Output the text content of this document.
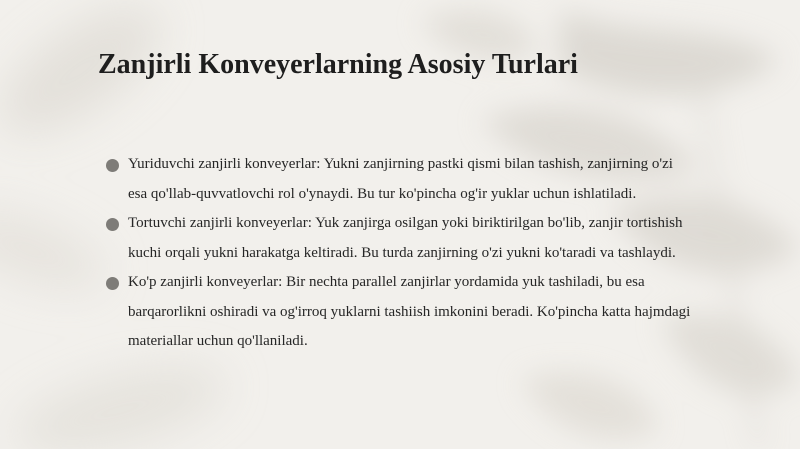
Zanjirli Konveyerlarning Asosiy Turlari
Yuriduvchi zanjirli konveyerlar: Yukni zanjirning pastki qismi bilan tashish, zanjirning o'zi esa qo'llab-quvvatlovchi rol o'ynaydi. Bu tur ko'pincha og'ir yuklar uchun ishlatiladi.
Tortuvchi zanjirli konveyerlar: Yuk zanjirga osilgan yoki biriktirilgan bo'lib, zanjir tortishish kuchi orqali yukni harakatga keltiradi. Bu turda zanjirning o'zi yukni ko'taradi va tashlaydi.
Ko'p zanjirli konveyerlar: Bir nechta parallel zanjirlar yordamida yuk tashiladi, bu esa barqarorlikni oshiradi va og'irroq yuklarni tashiish imkonini beradi. Ko'pincha katta hajmdagi materiallar uchun qo'llaniladi.
